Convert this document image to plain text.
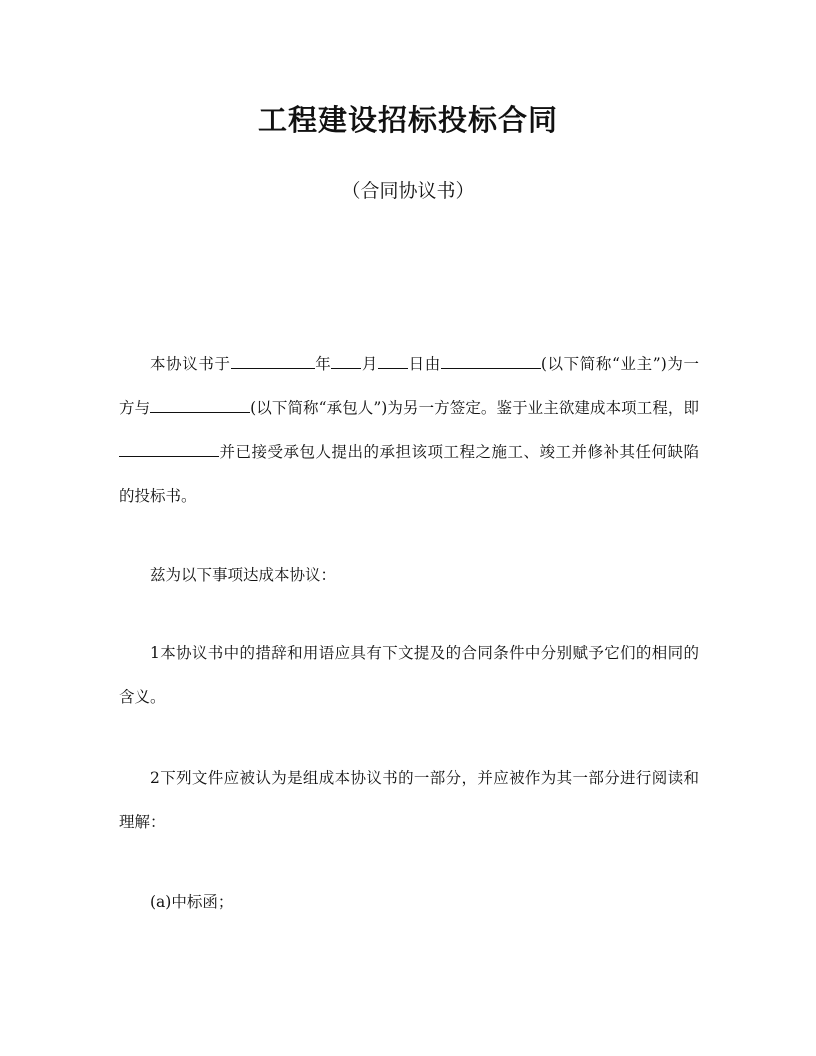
工程建设招标投标合同
（合同协议书）

本协议书于	年 月 日由	(以下简称“业主”)为一方与	(以下简称“承包人”)为另一方签定。鉴于业主欲建成本项工程，即并已接受承包人提出的承担该项工程之施工、竣工并修补其任何缺陷的投标书。

兹为以下事项达成本协议：

1本协议书中的措辞和用语应具有下文提及的合同条件中分别赋予它们的相同的含义。

2下列文件应被认为是组成本协议书的一部分，并应被作为其一部分进行阅读和理解：

(a)中标函；
